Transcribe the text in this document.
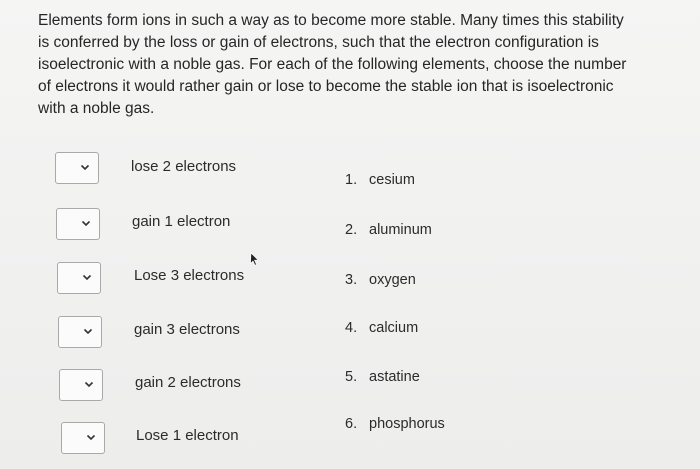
Elements form ions in such a way as to become more stable. Many times this stability is conferred by the loss or gain of electrons, such that the electron configuration is isoelectronic with a noble gas. For each of the following elements, choose the number of electrons it would rather gain or lose to become the stable ion that is isoelectronic with a noble gas.
lose 2 electrons
gain 1 electron
Lose 3 electrons
gain 3 electrons
gain 2 electrons
Lose 1 electron
1. cesium
2. aluminum
3. oxygen
4. calcium
5. astatine
6. phosphorus
